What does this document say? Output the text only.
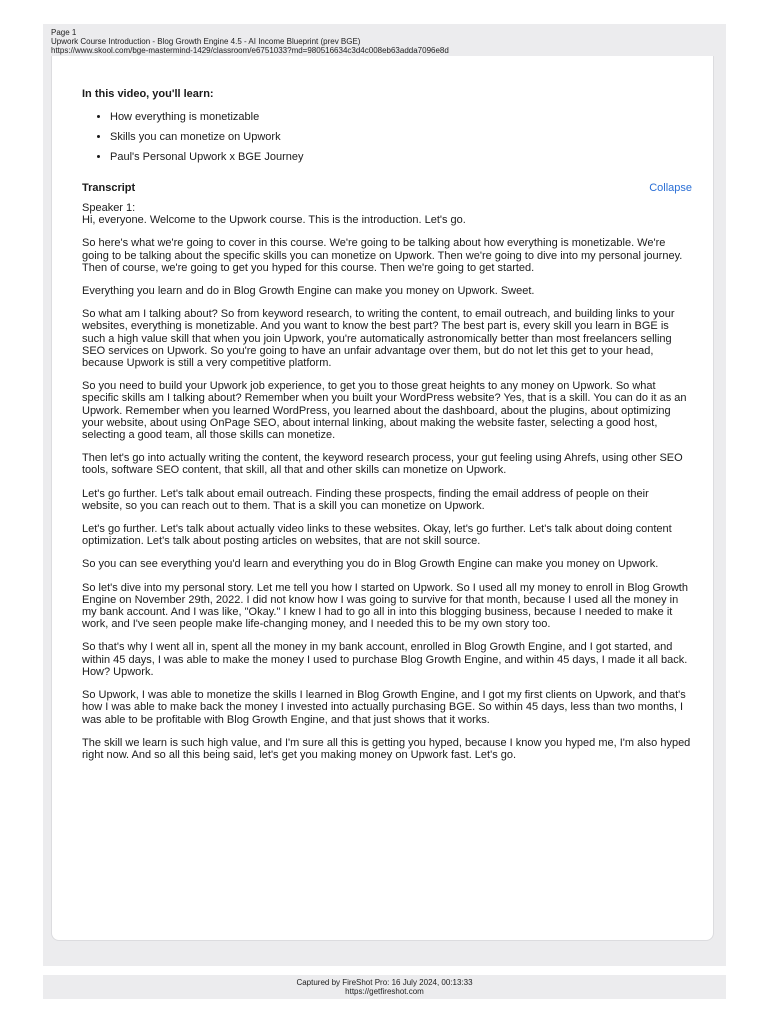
Page 1
Upwork Course Introduction - Blog Growth Engine 4.5 - AI Income Blueprint (prev BGE)
https://www.skool.com/bge-mastermind-1429/classroom/e6751033?md=980516634c3d4c008eb63adda7096e8d
In this video, you'll learn:
• How everything is monetizable
• Skills you can monetize on Upwork
• Paul's Personal Upwork x BGE Journey
Transcript	Collapse
Speaker 1:

Hi, everyone. Welcome to the Upwork course. This is the introduction. Let's go.

So here's what we're going to cover in this course. We're going to be talking about how everything is monetizable. We're going to be talking about the specific skills you can monetize on Upwork. Then we're going to dive into my personal journey. Then of course, we're going to get you hyped for this course. Then we're going to get started.

Everything you learn and do in Blog Growth Engine can make you money on Upwork. Sweet.

So what am I talking about? So from keyword research, to writing the content, to email outreach, and building links to your websites, everything is monetizable. And you want to know the best part? The best part is, every skill you learn in BGE is such a high value skill that when you join Upwork, you're automatically astronomically better than most freelancers selling SEO services on Upwork. So you're going to have an unfair advantage over them, but do not let this get to your head, because Upwork is still a very competitive platform.

So you need to build your Upwork job experience, to get you to those great heights to any money on Upwork. So what specific skills am I talking about? Remember when you built your WordPress website? Yes, that is a skill. You can do it as an Upwork. Remember when you learned WordPress, you learned about the dashboard, about the plugins, about optimizing your website, about using OnPage SEO, about internal linking, about making the website faster, selecting a good host, selecting a good team, all those skills can monetize.

Then let's go into actually writing the content, the keyword research process, your gut feeling using Ahrefs, using other SEO tools, software SEO content, that skill, all that and other skills can monetize on Upwork.

Let's go further. Let's talk about email outreach. Finding these prospects, finding the email address of people on their website, so you can reach out to them. That is a skill you can monetize on Upwork.

Let's go further. Let's talk about actually video links to these websites. Okay, let's go further. Let's talk about doing content optimization. Let's talk about posting articles on websites, that are not skill source.

So you can see everything you'd learn and everything you do in Blog Growth Engine can make you money on Upwork.

So let's dive into my personal story. Let me tell you how I started on Upwork. So I used all my money to enroll in Blog Growth Engine on November 29th, 2022. I did not know how I was going to survive for that month, because I used all the money in my bank account. And I was like, "Okay." I knew I had to go all in into this blogging business, because I needed to make it work, and I've seen people make life-changing money, and I needed this to be my own story too.

So that's why I went all in, spent all the money in my bank account, enrolled in Blog Growth Engine, and I got started, and within 45 days, I was able to make the money I used to purchase Blog Growth Engine, and within 45 days, I made it all back. How? Upwork.

So Upwork, I was able to monetize the skills I learned in Blog Growth Engine, and I got my first clients on Upwork, and that's how I was able to make back the money I invested into actually purchasing BGE. So within 45 days, less than two months, I was able to be profitable with Blog Growth Engine, and that just shows that it works.

The skill we learn is such high value, and I'm sure all this is getting you hyped, because I know you hyped me, I'm also hyped right now. And so all this being said, let's get you making money on Upwork fast. Let's go.

Captured by FireShot Pro: 16 July 2024, 00:13:33
https://getfireshot.com
